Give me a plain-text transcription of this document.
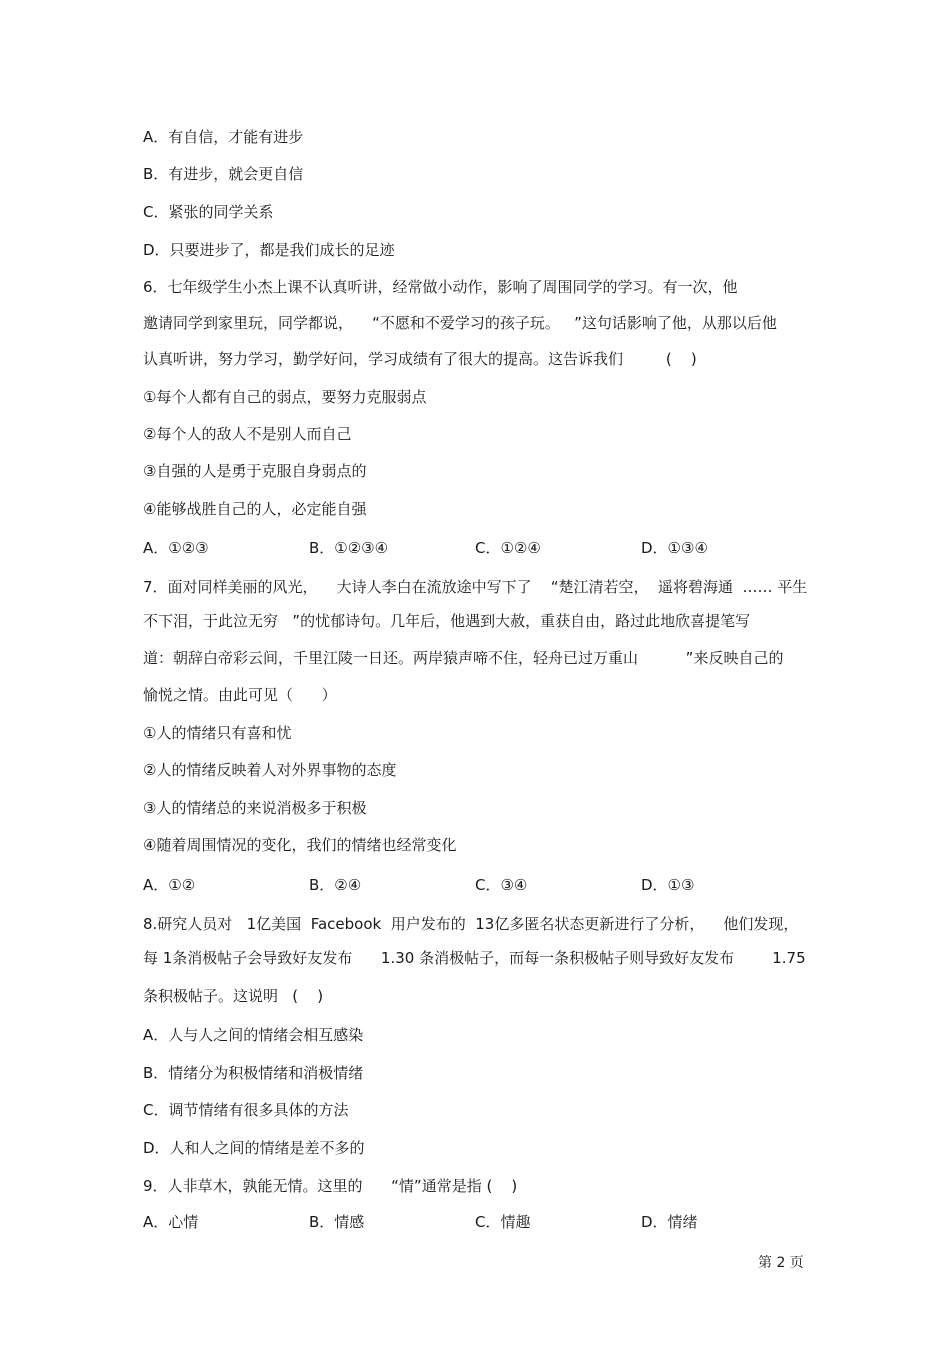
A．有自信，才能有进步
B．有进步，就会更自信
C．紧张的同学关系
D．只要进步了，都是我们成长的足迹
6．七年级学生小杰上课不认真听讲，经常做小动作，影响了周围同学的学习。有一次，他
邀请同学到家里玩，同学都说，    “不愿和不爱学习的孩子玩。   ”这句话影响了他，从那以后他
认真听讲，努力学习，勤学好问，学习成绩有了很大的提高。这告诉我们         (    )
①每个人都有自己的弱点，要努力克服弱点
②每个人的敌人不是别人而自己
③自强的人是勇于克服自身弱点的
④能够战胜自己的人，必定能自强
A．①②③	B．①②③④	C．①②④	D．①③④
7．面对同样美丽的风光，    大诗人李白在流放途中写下了    “楚江清若空，  遥将碧海通  …… 平生
不下泪，于此泣无穷   ”的忧郁诗句。几年后，他遇到大赦，重获自由，路过此地欣喜提笔写
道：朝辞白帝彩云间，千里江陵一日还。两岸猿声啼不住，轻舟已过万重山          ”来反映自己的
愉悦之情。由此可见（      ）
①人的情绪只有喜和忧
②人的情绪反映着人对外界事物的态度
③人的情绪总的来说消极多于积极
④随着周围情况的变化，我们的情绪也经常变化
A．①②	B．②④	C．③④	D．①③
8.研究人员对   1亿美国  Facebook  用户发布的  13亿多匿名状态更新进行了分析，    他们发现，
每 1条消极帖子会导致好友发布      1.30 条消极帖子，而每一条积极帖子则导致好友发布        1.75
条积极帖子。这说明   (    )
A．人与人之间的情绪会相互感染
B．情绪分为积极情绪和消极情绪
C．调节情绪有很多具体的方法
D．人和人之间的情绪是差不多的
9．人非草木，孰能无情。这里的      “情”通常是指 (    )
A．心情	B．情感	C．情趣	D．情绪
第 2 页
